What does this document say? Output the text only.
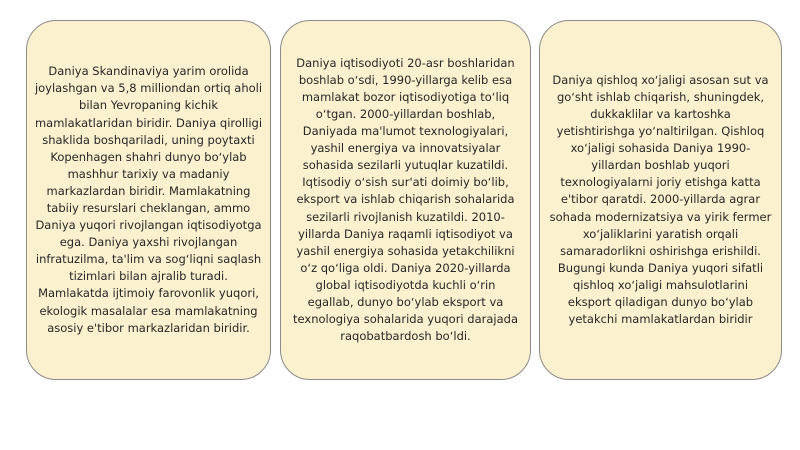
Daniya Skandinaviya yarim orolida joylashgan va 5,8 milliondan ortiq aholi bilan Yevropaning kichik mamlakatlaridan biridir. Daniya qirolligi shaklida boshqariladi, uning poytaxti Kopenhagen shahri dunyo boʻylab mashhur tarixiy va madaniy markazlardan biridir. Mamlakatning tabiiy resurslari cheklangan, ammo Daniya yuqori rivojlangan iqtisodiyotga ega. Daniya yaxshi rivojlangan infratuzilma, ta'lim va sogʻliqni saqlash tizimlari bilan ajralib turadi. Mamlakatda ijtimoiy farovonlik yuqori, ekologik masalalar esa mamlakatning asosiy e'tibor markazlaridan biridir.

Daniya iqtisodiyoti 20-asr boshlaridan boshlab oʻsdi, 1990-yillarga kelib esa mamlakat bozor iqtisodiyotiga toʻliq oʻtgan. 2000-yillardan boshlab, Daniyada ma'lumot texnologiyalari, yashil energiya va innovatsiyalar sohasida sezilarli yutuqlar kuzatildi. Iqtisodiy oʻsish sur'ati doimiy boʻlib, eksport va ishlab chiqarish sohalarida sezilarli rivojlanish kuzatildi. 2010-yillarda Daniya raqamli iqtisodiyot va yashil energiya sohasida yetakchilikni oʻz qoʻliga oldi. Daniya 2020-yillarda global iqtisodiyotda kuchli oʻrin egallab, dunyo boʻylab eksport va texnologiya sohalarida yuqori darajada raqobatbardosh boʻldi.

Daniya qishloq xoʻjaligi asosan sut va goʻsht ishlab chiqarish, shuningdek, dukkaklilar va kartoshka yetishtirishga yoʻnaltirilgan. Qishloq xoʻjaligi sohasida Daniya 1990-yillardan boshlab yuqori texnologiyalarni joriy etishga katta e'tibor qaratdi. 2000-yillarda agrar sohada modernizatsiya va yirik fermer xoʻjaliklarini yaratish orqali samaradorlikni oshirishga erishildi. Bugungi kunda Daniya yuqori sifatli qishloq xoʻjaligi mahsulotlarini eksport qiladigan dunyo boʻylab yetakchi mamlakatlardan biridir
